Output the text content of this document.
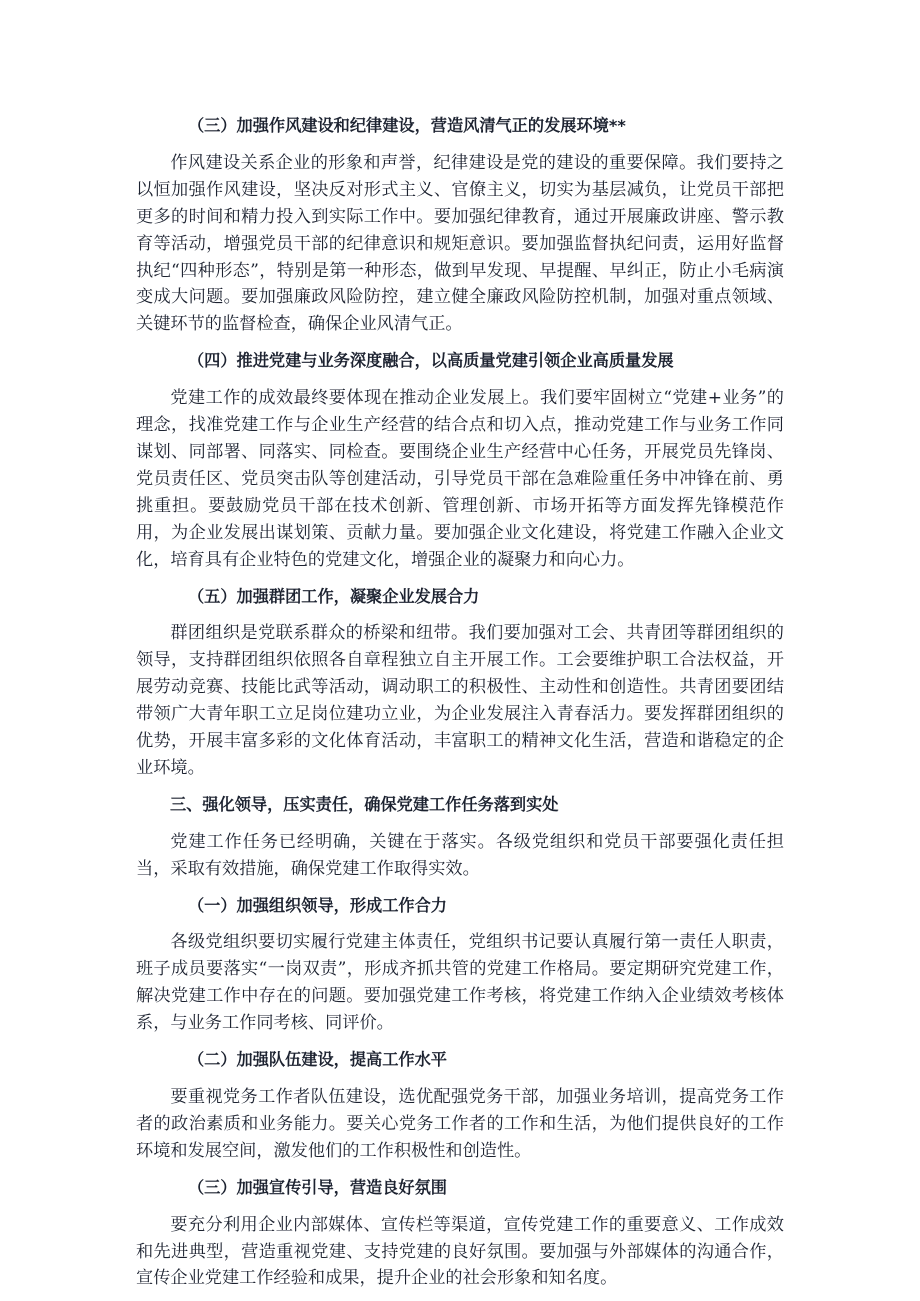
（三）加强作风建设和纪律建设，营造风清气正的发展环境**

作风建设关系企业的形象和声誉，纪律建设是党的建设的重要保障。我们要持之以恒加强作风建设，坚决反对形式主义、官僚主义，切实为基层减负，让党员干部把更多的时间和精力投入到实际工作中。要加强纪律教育，通过开展廉政讲座、警示教育等活动，增强党员干部的纪律意识和规矩意识。要加强监督执纪问责，运用好监督执纪“四种形态”，特别是第一种形态，做到早发现、早提醒、早纠正，防止小毛病演变成大问题。要加强廉政风险防控，建立健全廉政风险防控机制，加强对重点领域、关键环节的监督检查，确保企业风清气正。

（四）推进党建与业务深度融合，以高质量党建引领企业高质量发展

党建工作的成效最终要体现在推动企业发展上。我们要牢固树立“党建+业务”的理念，找准党建工作与企业生产经营的结合点和切入点，推动党建工作与业务工作同谋划、同部署、同落实、同检查。要围绕企业生产经营中心任务，开展党员先锋岗、党员责任区、党员突击队等创建活动，引导党员干部在急难险重任务中冲锋在前、勇挑重担。要鼓励党员干部在技术创新、管理创新、市场开拓等方面发挥先锋模范作用，为企业发展出谋划策、贡献力量。要加强企业文化建设，将党建工作融入企业文化，培育具有企业特色的党建文化，增强企业的凝聚力和向心力。

（五）加强群团工作，凝聚企业发展合力

群团组织是党联系群众的桥梁和纽带。我们要加强对工会、共青团等群团组织的领导，支持群团组织依照各自章程独立自主开展工作。工会要维护职工合法权益，开展劳动竞赛、技能比武等活动，调动职工的积极性、主动性和创造性。共青团要团结带领广大青年职工立足岗位建功立业，为企业发展注入青春活力。要发挥群团组织的优势，开展丰富多彩的文化体育活动，丰富职工的精神文化生活，营造和谐稳定的企业环境。

三、强化领导，压实责任，确保党建工作任务落到实处

党建工作任务已经明确，关键在于落实。各级党组织和党员干部要强化责任担当，采取有效措施，确保党建工作取得实效。

（一）加强组织领导，形成工作合力

各级党组织要切实履行党建主体责任，党组织书记要认真履行第一责任人职责，班子成员要落实“一岗双责”，形成齐抓共管的党建工作格局。要定期研究党建工作，解决党建工作中存在的问题。要加强党建工作考核，将党建工作纳入企业绩效考核体系，与业务工作同考核、同评价。

（二）加强队伍建设，提高工作水平

要重视党务工作者队伍建设，选优配强党务干部，加强业务培训，提高党务工作者的政治素质和业务能力。要关心党务工作者的工作和生活，为他们提供良好的工作环境和发展空间，激发他们的工作积极性和创造性。

（三）加强宣传引导，营造良好氛围

要充分利用企业内部媒体、宣传栏等渠道，宣传党建工作的重要意义、工作成效和先进典型，营造重视党建、支持党建的良好氛围。要加强与外部媒体的沟通合作，宣传企业党建工作经验和成果，提升企业的社会形象和知名度。
